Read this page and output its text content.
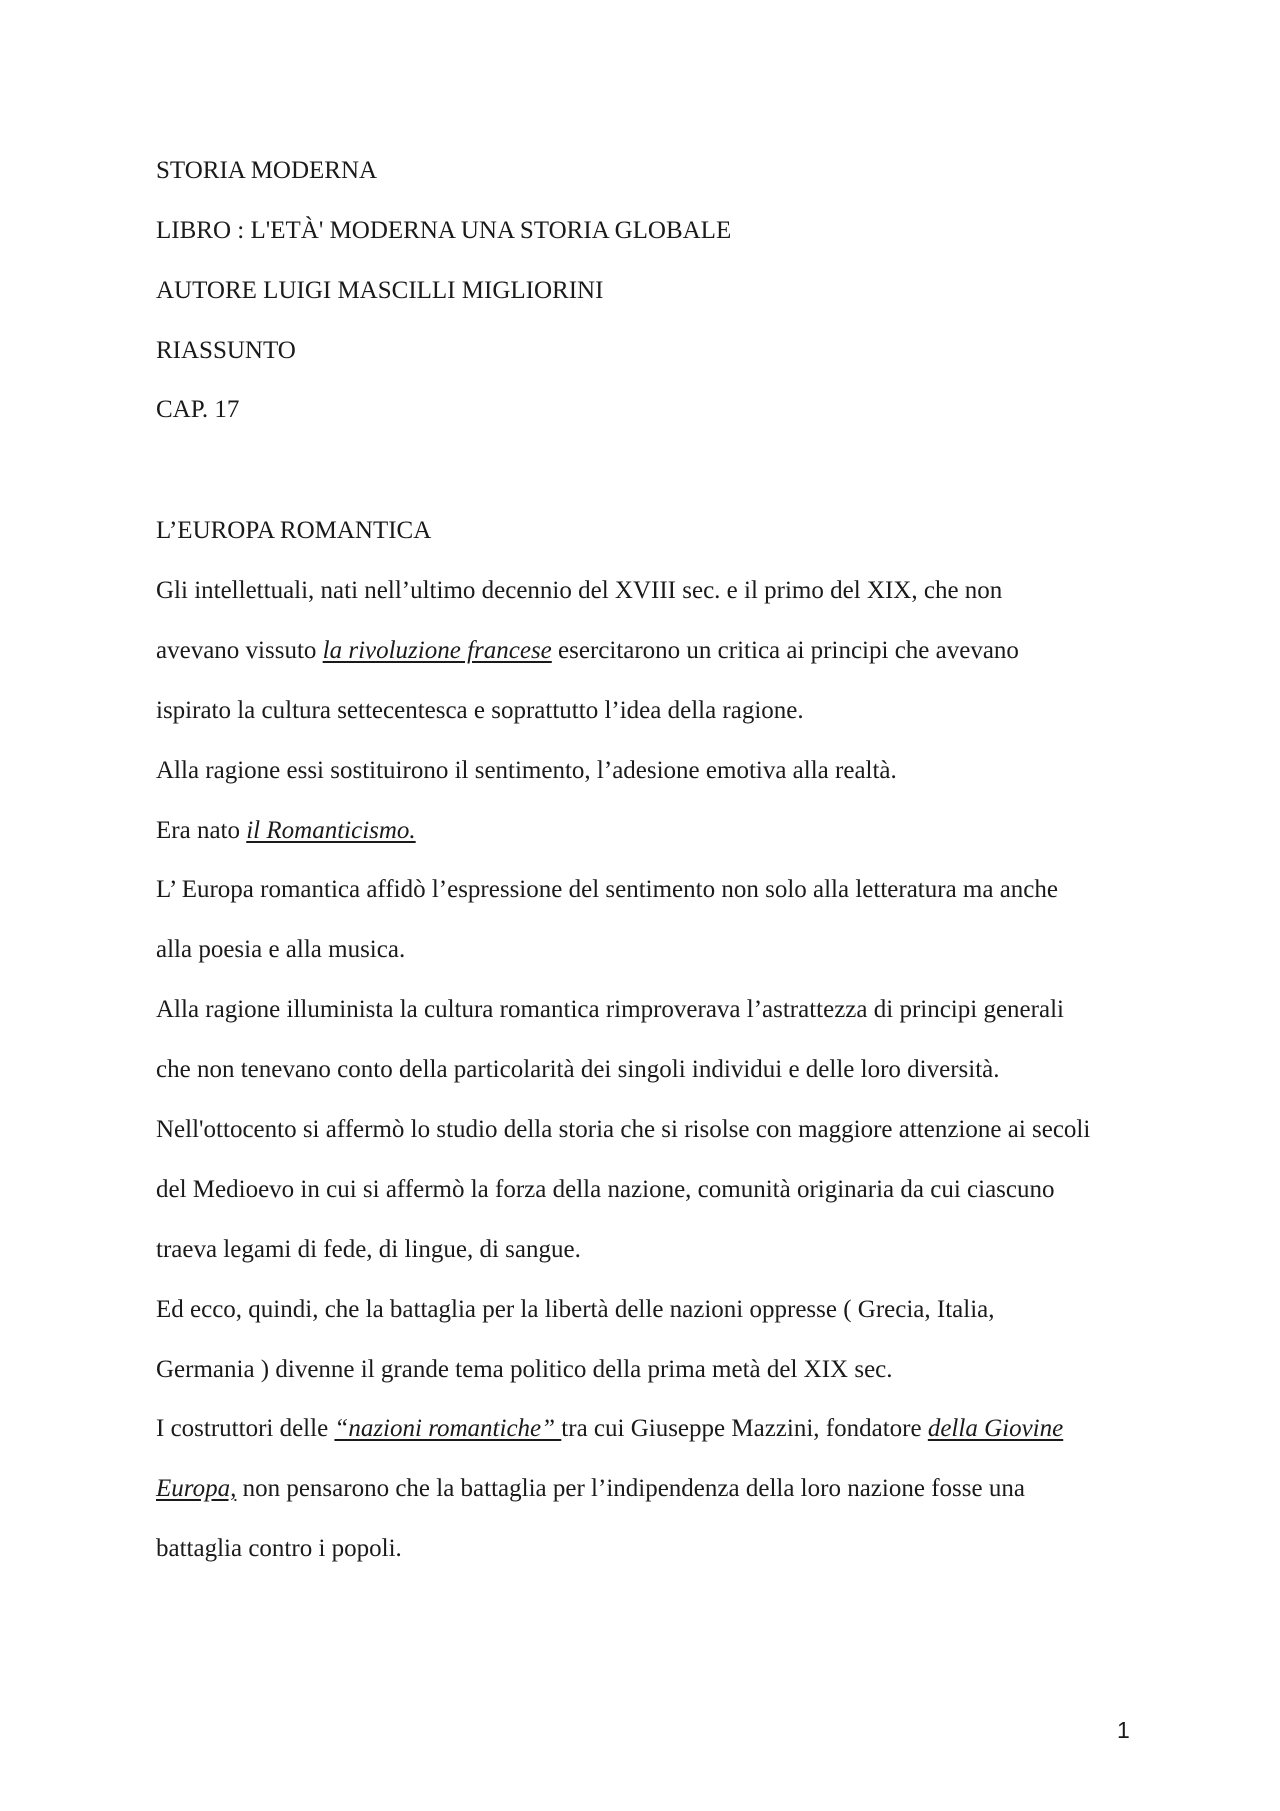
STORIA MODERNA
LIBRO : L'ETÀ' MODERNA UNA STORIA GLOBALE
AUTORE LUIGI MASCILLI MIGLIORINI
RIASSUNTO
CAP. 17
L’EUROPA ROMANTICA
Gli intellettuali, nati nell’ultimo decennio del XVIII sec. e il primo del XIX, che non
avevano vissuto la rivoluzione francese esercitarono un critica ai principi che avevano
ispirato la cultura settecentesca e soprattutto l’idea della ragione.
Alla ragione essi sostituirono il sentimento, l’adesione emotiva alla realtà.
Era nato il Romanticismo.
L’ Europa romantica affidò l’espressione del sentimento non solo alla letteratura ma anche
alla poesia e alla musica.
Alla ragione illuminista la cultura romantica rimproverava l’astrattezza di principi generali
che non tenevano conto della particolarità dei singoli individui e delle loro diversità.
Nell'ottocento si affermò lo studio della storia che si risolse con maggiore attenzione ai secoli
del Medioevo in cui si affermò la forza della nazione, comunità originaria da cui ciascuno
traeva legami di fede, di lingue, di sangue.
Ed ecco, quindi, che la battaglia per la libertà delle nazioni oppresse ( Grecia, Italia,
Germania ) divenne il grande tema politico della prima metà del XIX sec.
I costruttori delle “nazioni romantiche” tra cui Giuseppe Mazzini, fondatore della Giovine
Europa, non pensarono che la battaglia per l’indipendenza della loro nazione fosse una
battaglia contro i popoli.
1
